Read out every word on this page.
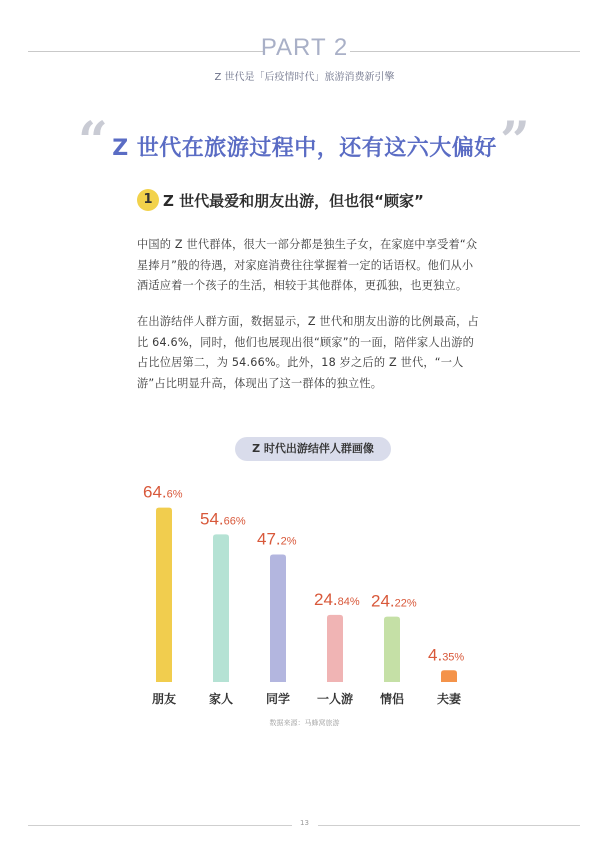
PART 2
Z 世代是「后疫情时代」旅游消费新引擎
“	”
Z 世代在旅游过程中，还有这六大偏好
1 Z 世代最爱和朋友出游，但也很“顾家”
中国的 Z 世代群体，很大一部分都是独生子女，在家庭中享受着“众星捧月”般的待遇，对家庭消费往往掌握着一定的话语权。他们从小酒适应着一个孩子的生活，相较于其他群体，更孤独，也更独立。
在出游结伴人群方面，数据显示，Z 世代和朋友出游的比例最高，占比 64.6%，同时，他们也展现出很“顾家”的一面，陪伴家人出游的占比位居第二，为 54.66%。此外，18 岁之后的 Z 世代，“一人游”占比明显升高，体现出了这一群体的独立性。
Z 时代出游结伴人群画像
64.6%
朋友
54.66%
家人
47.2%
同学
24.84%
一人游
24.22%
情侣
4.35%
夫妻
数据来源：马蜂窝旅游
13
